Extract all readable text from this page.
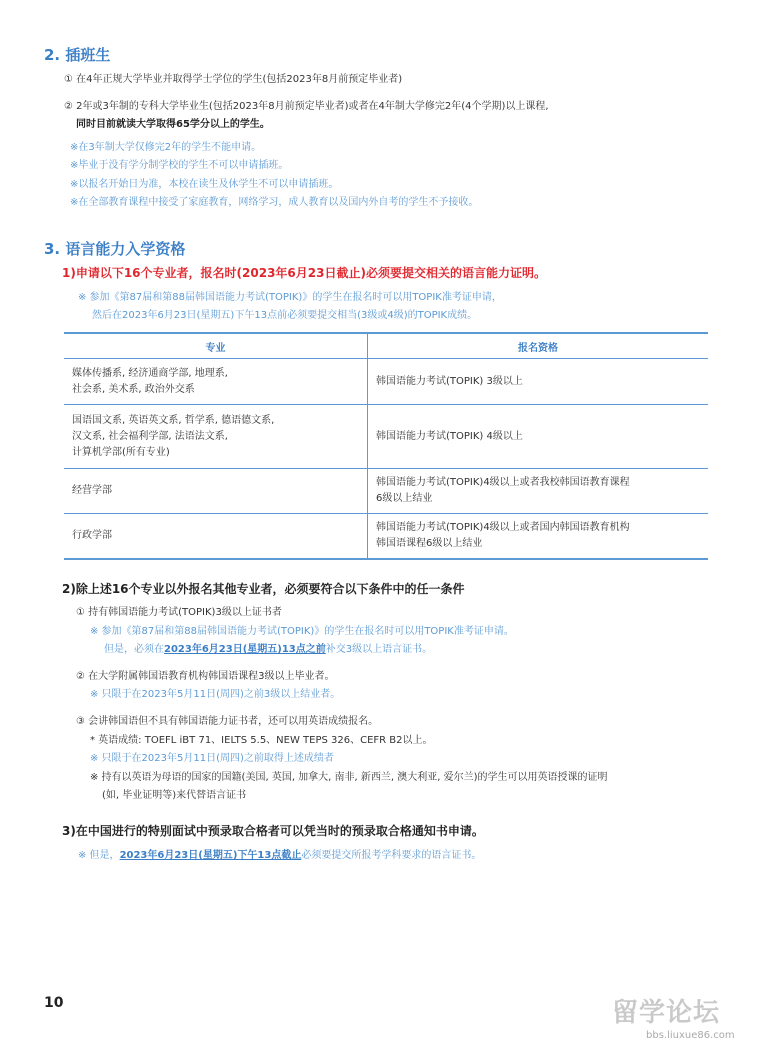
2. 插班生
① 在4年正规大学毕业并取得学士学位的学生(包括2023年8月前预定毕业者)
② 2年或3年制的专科大学毕业生(包括2023年8月前预定毕业者)或者在4年制大学修完2年(4个学期)以上课程,
同时目前就读大学取得65学分以上的学生。
※在3年制大学仅修完2年的学生不能申请。
※毕业于没有学分制学校的学生不可以申请插班。
※以报名开始日为准，本校在读生及休学生不可以申请插班。
※在全部教育课程中接受了家庭教育，网络学习，成人教育以及国内外自考的学生不予接收。
3. 语言能力入学资格
1)申请以下16个专业者，报名时(2023年6月23日截止)必须要提交相关的语言能力证明。
※ 参加《第87届和第88届韩国语能力考试(TOPIK)》的学生在报名时可以用TOPIK准考证申请，
然后在2023年6月23日(星期五)下午13点前必须要提交相当(3级或4级)的TOPIK成绩。
专业	报名资格

媒体传播系, 经济通商学部, 地理系,
社会系, 美术系, 政治外交系	韩国语能力考试(TOPIK) 3级以上

国语国文系, 英语英文系, 哲学系, 德语德文系,
汉文系, 社会福利学部, 法语法文系,
计算机学部(所有专业)	韩国语能力考试(TOPIK) 4级以上

经营学部	韩国语能力考试(TOPIK)4级以上或者我校韩国语教育课程
6级以上结业

行政学部	韩国语能力考试(TOPIK)4级以上或者国内韩国语教育机构
韩国语课程6级以上结业
2)除上述16个专业以外报名其他专业者，必须要符合以下条件中的任一条件
① 持有韩国语能力考试(TOPIK)3级以上证书者
※ 参加《第87届和第88届韩国语能力考试(TOPIK)》的学生在报名时可以用TOPIK准考证申请。
但是，必须在2023年6月23日(星期五)13点之前补交3级以上语言证书。
② 在大学附属韩国语教育机构韩国语课程3级以上毕业者。
※ 只限于在2023年5月11日(周四)之前3级以上结业者。
③ 会讲韩国语但不具有韩国语能力证书者，还可以用英语成绩报名。
* 英语成绩: TOEFL iBT 71、IELTS 5.5、NEW TEPS 326、CEFR B2以上。
※ 只限于在2023年5月11日(周四)之前取得上述成绩者
※ 持有以英语为母语的国家的国籍(美国, 英国, 加拿大, 南非, 新西兰, 澳大利亚, 爱尔兰)的学生可以用英语授课的证明
(如, 毕业证明等)来代替语言证书
3)在中国进行的特别面试中预录取合格者可以凭当时的预录取合格通知书申请。
※ 但是，2023年6月23日(星期五)下午13点截止必须要提交所报考学科要求的语言证书。
10	留学论坛
bbs.liuxue86.com
